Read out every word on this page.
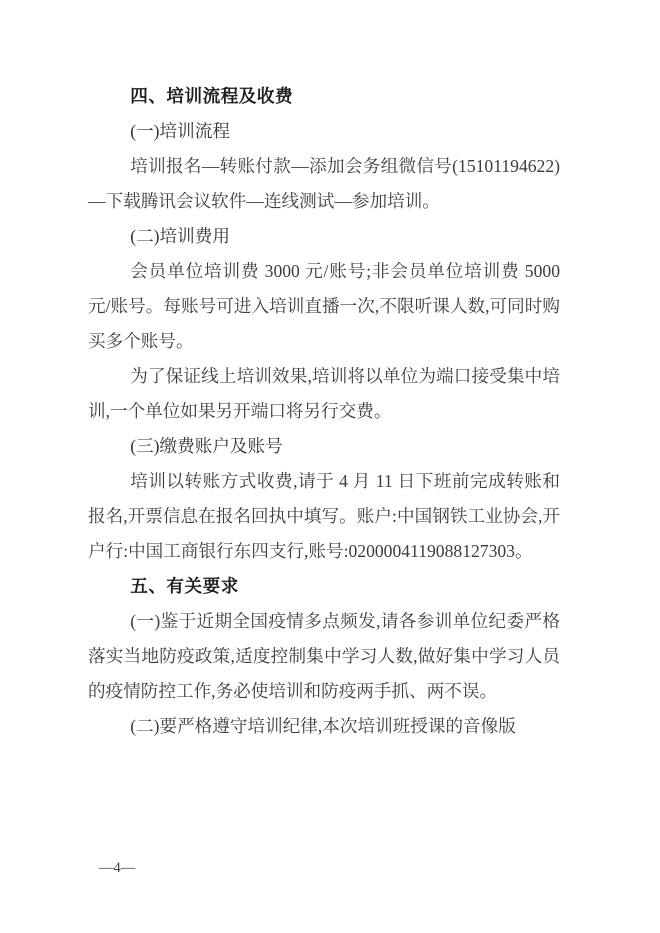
四、培训流程及收费

(一)培训流程

培训报名—转账付款—添加会务组微信号(15101194622)—下载腾讯会议软件—连线测试—参加培训。

(二)培训费用

会员单位培训费 3000 元/账号;非会员单位培训费 5000 元/账号。每账号可进入培训直播一次,不限听课人数,可同时购买多个账号。

为了保证线上培训效果,培训将以单位为端口接受集中培训,一个单位如果另开端口将另行交费。

(三)缴费账户及账号

培训以转账方式收费,请于 4 月 11 日下班前完成转账和报名,开票信息在报名回执中填写。账户:中国钢铁工业协会,开户行:中国工商银行东四支行,账号:0200004119088127303。

五、有关要求

(一)鉴于近期全国疫情多点频发,请各参训单位纪委严格落实当地防疫政策,适度控制集中学习人数,做好集中学习人员的疫情防控工作,务必使培训和防疫两手抓、两不误。

(二)要严格遵守培训纪律,本次培训班授课的音像版

—4—
